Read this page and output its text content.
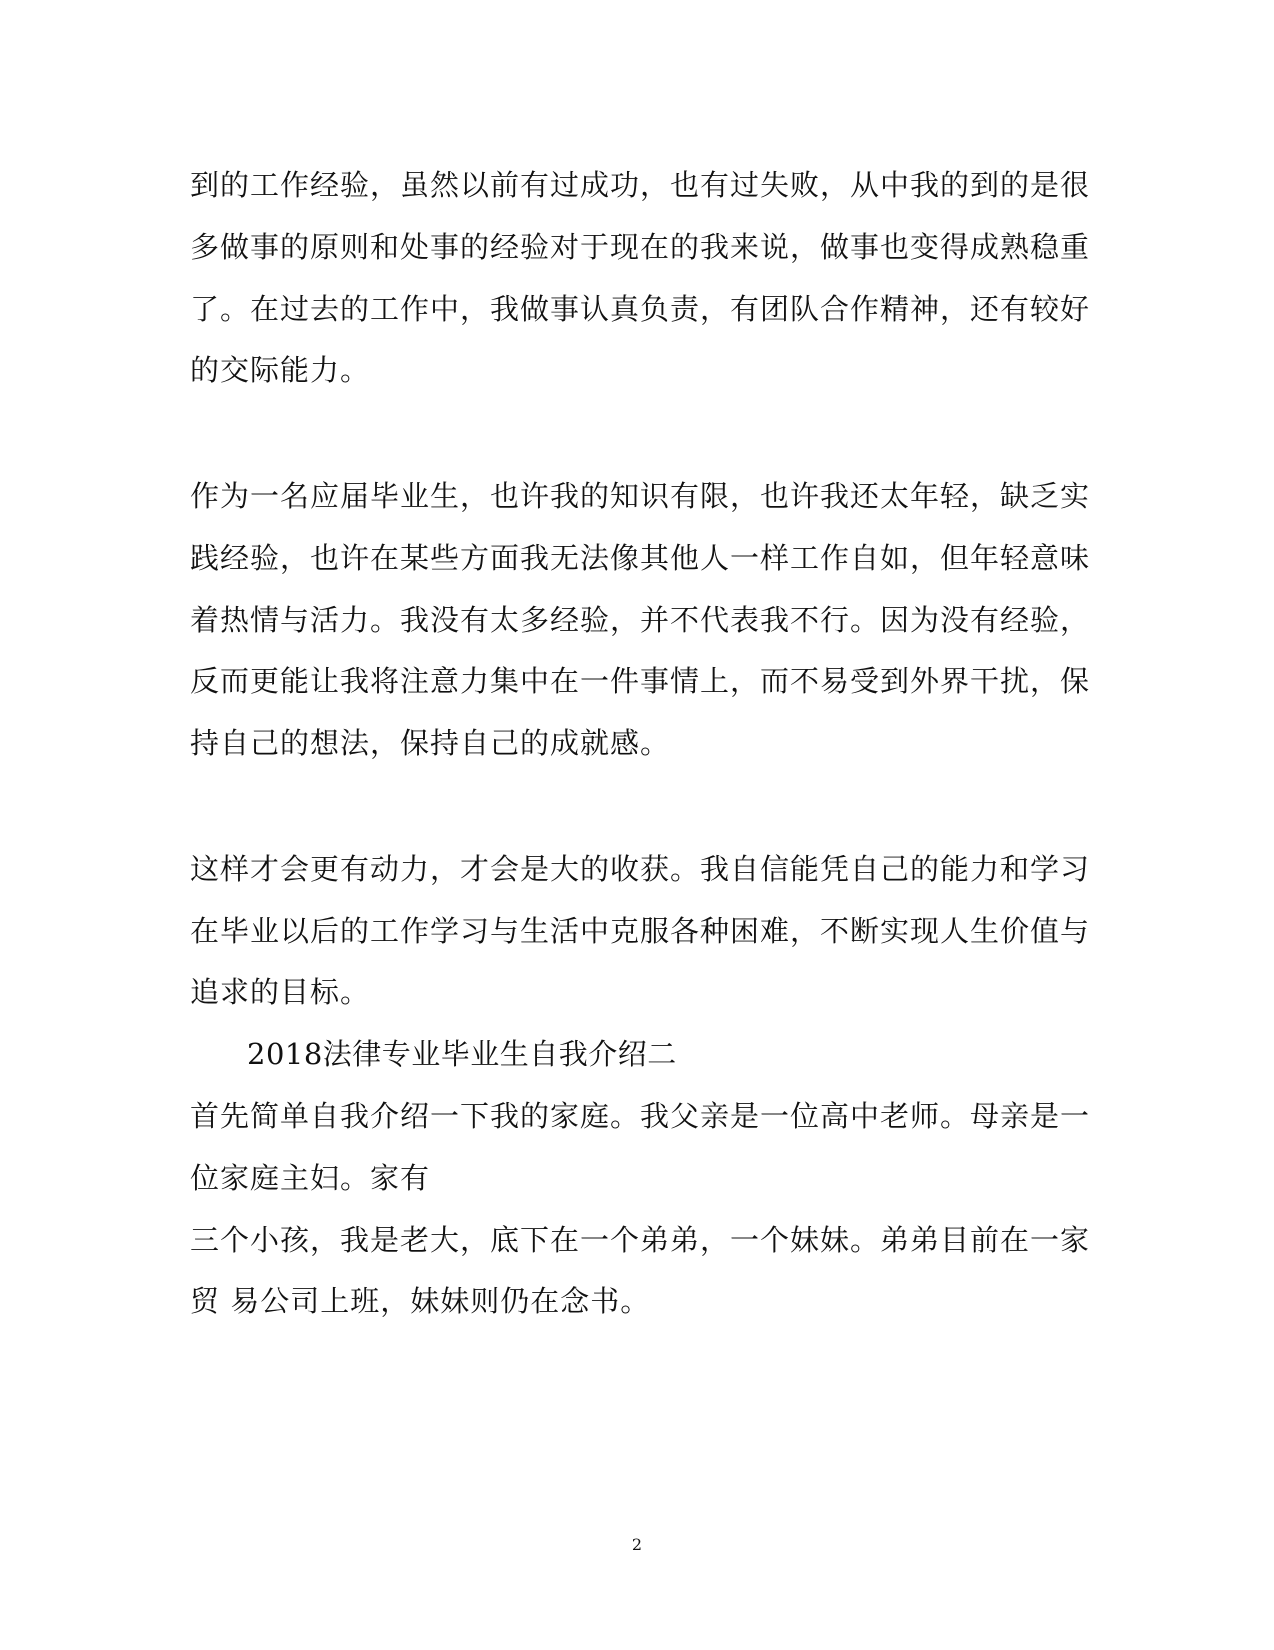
到的工作经验，虽然以前有过成功，也有过失败，从中我的到的是很
多做事的原则和处事的经验对于现在的我来说，做事也变得成熟稳重
了。在过去的工作中，我做事认真负责，有团队合作精神，还有较好
的交际能力。
作为一名应届毕业生，也许我的知识有限，也许我还太年轻，缺乏实
践经验，也许在某些方面我无法像其他人一样工作自如，但年轻意味
着热情与活力。我没有太多经验，并不代表我不行。因为没有经验，
反而更能让我将注意力集中在一件事情上，而不易受到外界干扰，保
持自己的想法，保持自己的成就感。
这样才会更有动力，才会是大的收获。我自信能凭自己的能力和学习
在毕业以后的工作学习与生活中克服各种困难，不断实现人生价值与
追求的目标。
2018法律专业毕业生自我介绍二
首先简单自我介绍一下我的家庭。我父亲是一位高中老师。母亲是一
位家庭主妇。家有
三个小孩，我是老大，底下在一个弟弟，一个妹妹。弟弟目前在一家
贸 易公司上班，妹妹则仍在念书。
2
